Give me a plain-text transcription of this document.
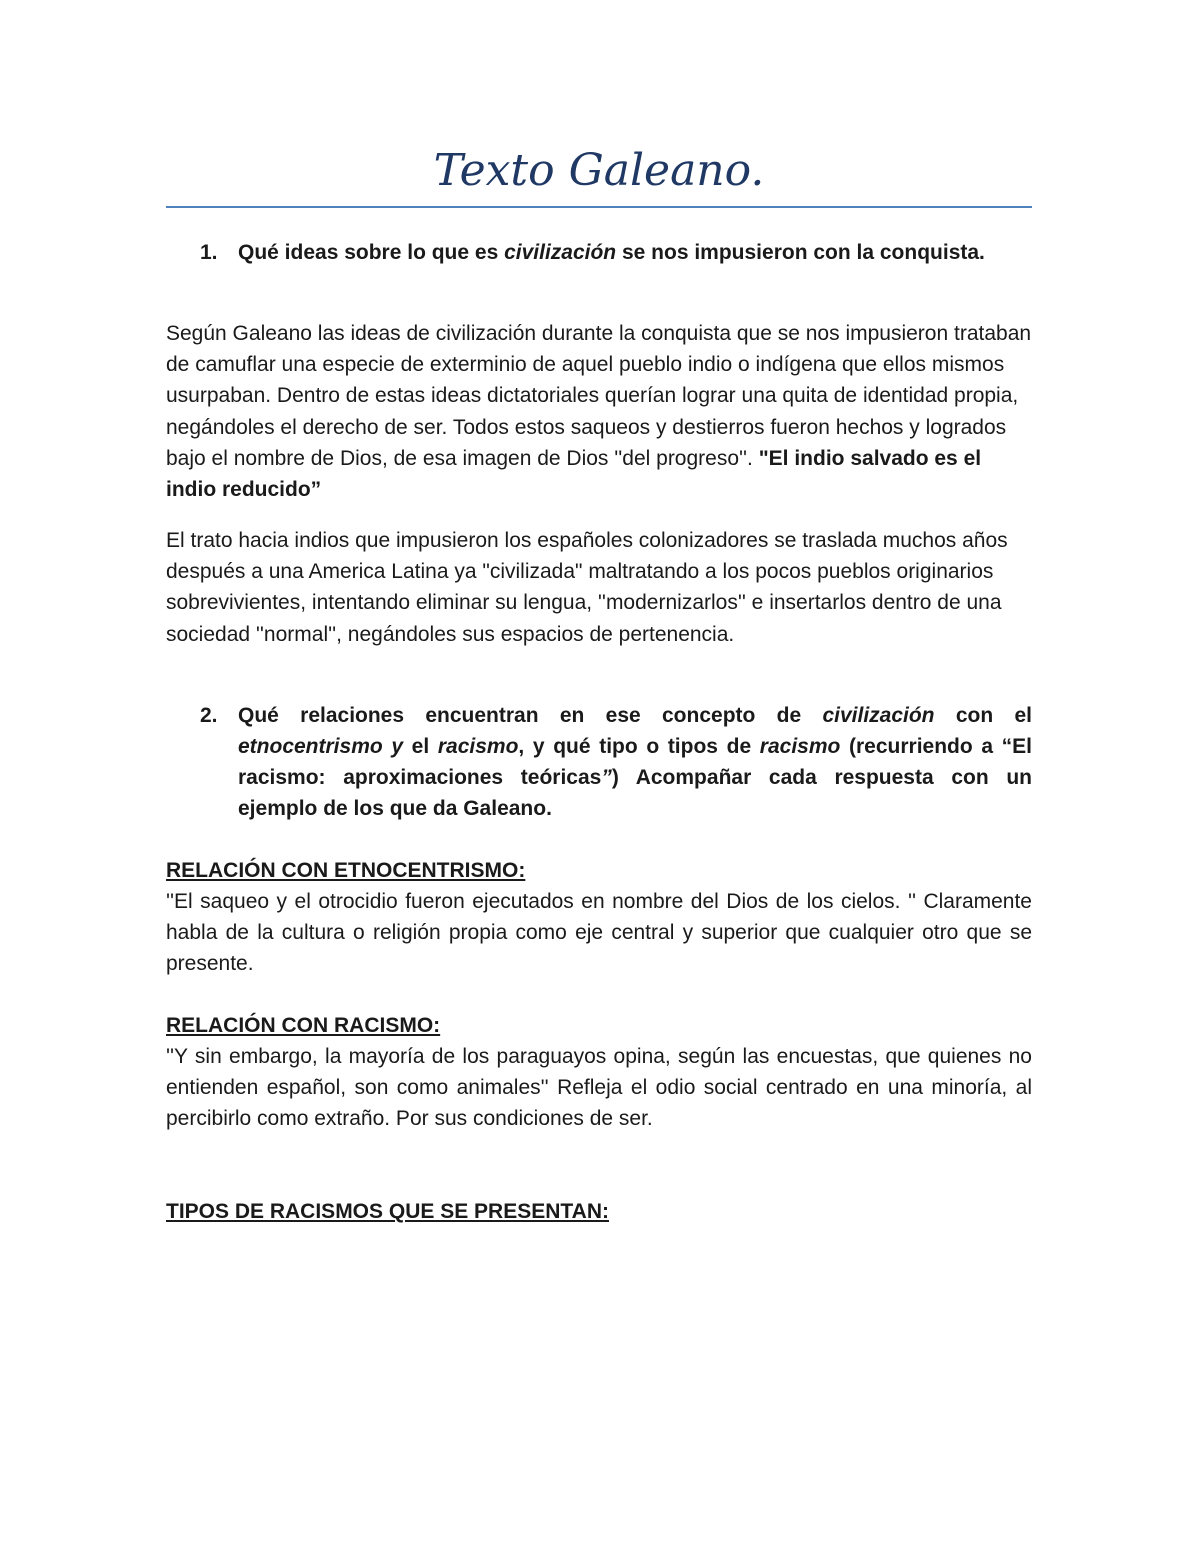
Texto Galeano.
1. Qué ideas sobre lo que es civilización se nos impusieron con la conquista.

Según Galeano las ideas de civilización durante la conquista que se nos impusieron trataban de camuflar una especie de exterminio de aquel pueblo indio o indígena que ellos mismos usurpaban. Dentro de estas ideas dictatoriales querían lograr una quita de identidad propia, negándoles el derecho de ser. Todos estos saqueos y destierros fueron hechos y logrados bajo el nombre de Dios, de esa imagen de Dios ''del progreso''. "El indio salvado es el indio reducido”

El trato hacia indios que impusieron los españoles colonizadores se traslada muchos años después a una America Latina ya "civilizada" maltratando a los pocos pueblos originarios sobrevivientes, intentando eliminar su lengua, ''modernizarlos'' e insertarlos dentro de una sociedad ''normal'', negándoles sus espacios de pertenencia.

2. Qué relaciones encuentran en ese concepto de civilización con el etnocentrismo y el racismo, y qué tipo o tipos de racismo (recurriendo a “El racismo: aproximaciones teóricas”) Acompañar cada respuesta con un ejemplo de los que da Galeano.

RELACIÓN CON ETNOCENTRISMO:

''El saqueo y el otrocidio fueron ejecutados en nombre del Dios de los cielos. '' Claramente habla de la cultura o religión propia como eje central y superior que cualquier otro que se presente.

RELACIÓN CON RACISMO:

''Y sin embargo, la mayoría de los paraguayos opina, según las encuestas, que quienes no entienden español, son como animales'' Refleja el odio social centrado en una minoría, al percibirlo como extraño. Por sus condiciones de ser.

TIPOS DE RACISMOS QUE SE PRESENTAN:
